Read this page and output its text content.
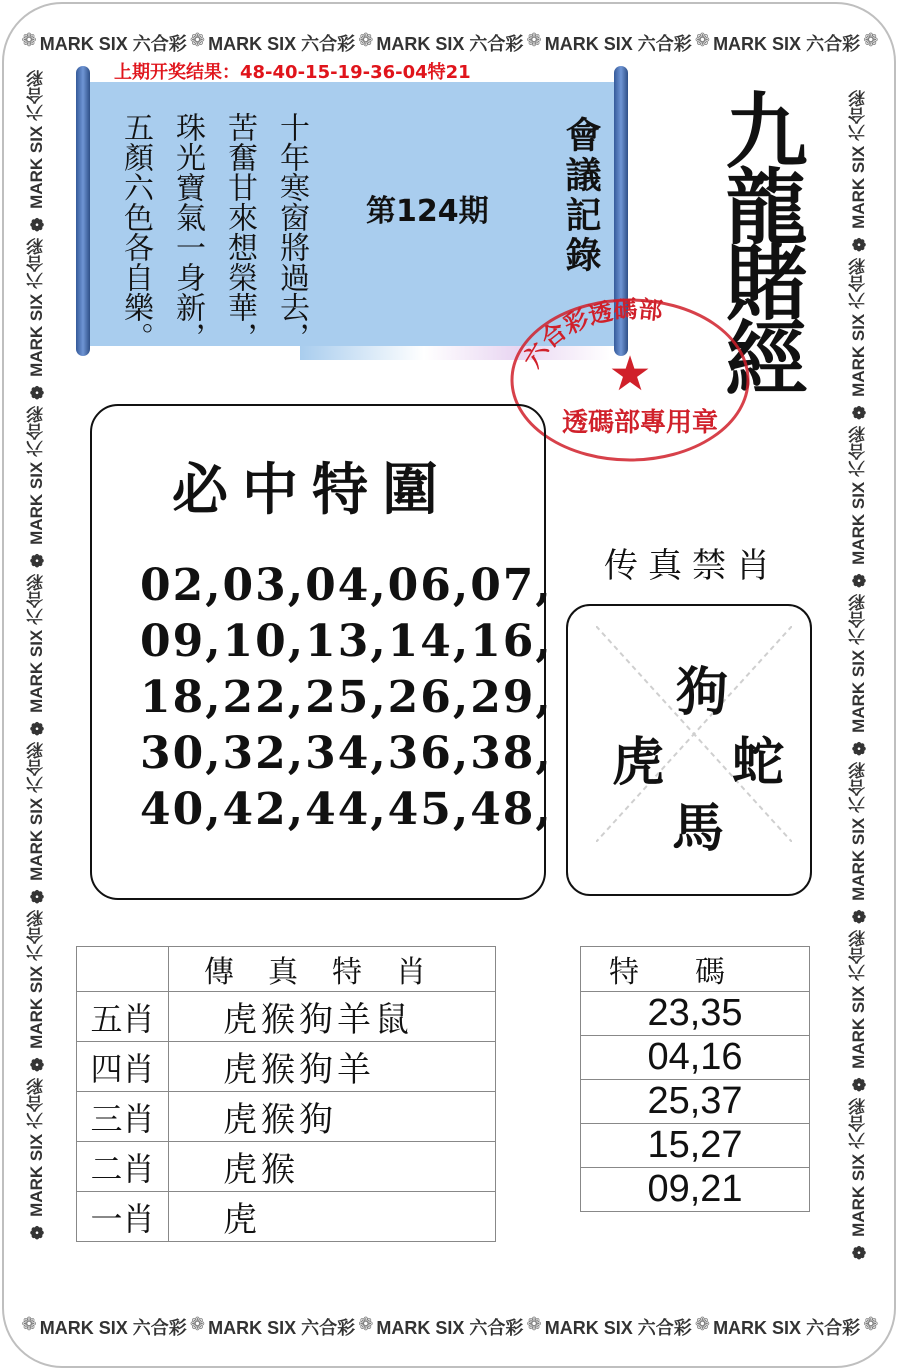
❁ MARK SIX 六合彩 ❁ MARK SIX 六合彩 ❁ MARK SIX 六合彩 ❁ MARK SIX 六合彩 ❁ MARK SIX 六合彩 ❁
❁ MARK SIX 六合彩 ❁ MARK SIX 六合彩 ❁ MARK SIX 六合彩 ❁ MARK SIX 六合彩 ❁ MARK SIX 六合彩 ❁
❁ MARK SIX 六合彩
❁ MARK SIX 六合彩
❁ MARK SIX 六合彩
❁ MARK SIX 六合彩
❁ MARK SIX 六合彩
❁ MARK SIX 六合彩
❁ MARK SIX 六合彩
❁ MARK SIX 六合彩
❁ MARK SIX 六合彩
❁ MARK SIX 六合彩
❁ MARK SIX 六合彩
❁ MARK SIX 六合彩
❁ MARK SIX 六合彩
❁ MARK SIX 六合彩
上期开奖结果：48-40-15-19-36-04特21
十年寒窗將過去，
苦奮甘來想榮華，
珠光寶氣一身新，
五顏六色各自樂。	第124期 會議記錄 九龍賭經
六合彩透碼部
★
透碼部專用章
必中特圍
02,03,04,06,07,
09,10,13,14,16,
18,22,25,26,29,
30,32,34,36,38,
40,42,44,45,48,
传真禁肖
狗
虎 蛇
馬
	傳真特肖
五肖	虎猴狗羊鼠
四肖	虎猴狗羊
三肖	虎猴狗
二肖	虎猴
一肖	虎
特碼
23,35
04,16
25,37
15,27
09,21
